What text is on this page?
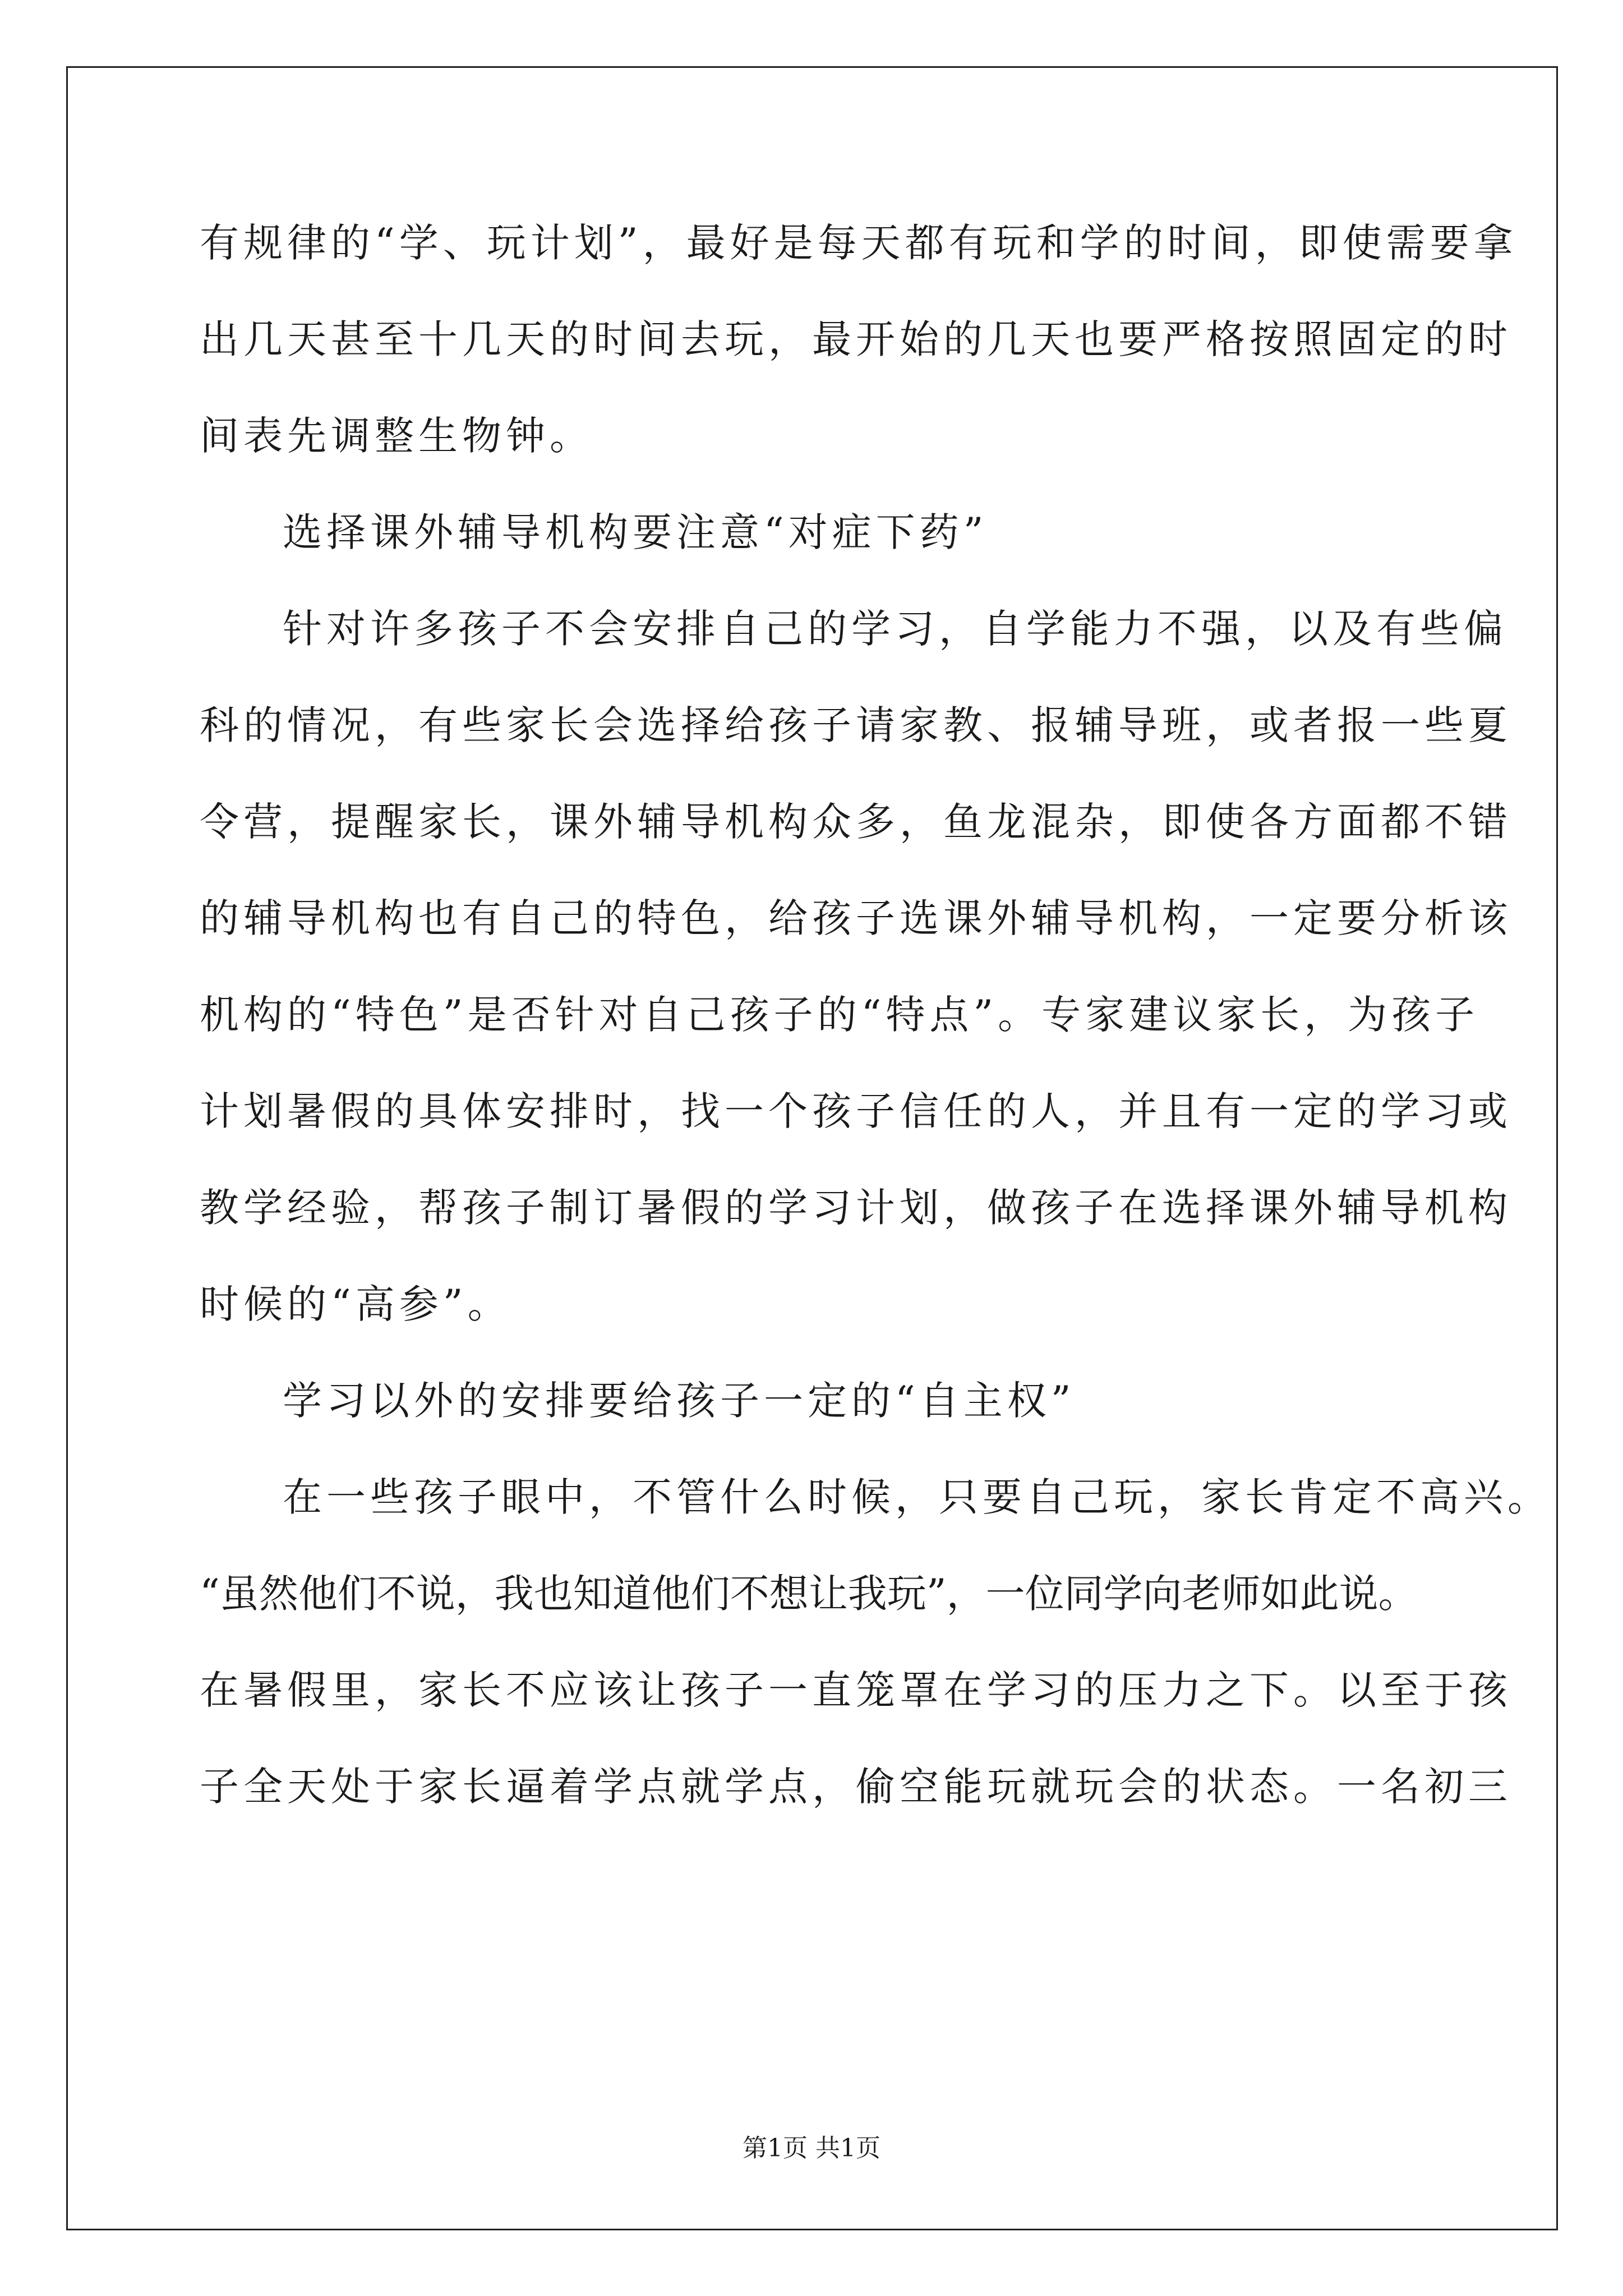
有规律的“学、玩计划”，最好是每天都有玩和学的时间，即使需要拿
出几天甚至十几天的时间去玩，最开始的几天也要严格按照固定的时
间表先调整生物钟。
选择课外辅导机构要注意“对症下药”
针对许多孩子不会安排自己的学习，自学能力不强，以及有些偏
科的情况，有些家长会选择给孩子请家教、报辅导班，或者报一些夏
令营，提醒家长，课外辅导机构众多，鱼龙混杂，即使各方面都不错
的辅导机构也有自己的特色，给孩子选课外辅导机构，一定要分析该
机构的“特色”是否针对自己孩子的“特点”。专家建议家长，为孩子
计划暑假的具体安排时，找一个孩子信任的人，并且有一定的学习或
教学经验，帮孩子制订暑假的学习计划，做孩子在选择课外辅导机构
时候的“高参”。
学习以外的安排要给孩子一定的“自主权”
在一些孩子眼中，不管什么时候，只要自己玩，家长肯定不高兴。
“虽然他们不说，我也知道他们不想让我玩”，一位同学向老师如此说。
在暑假里，家长不应该让孩子一直笼罩在学习的压力之下。以至于孩
子全天处于家长逼着学点就学点，偷空能玩就玩会的状态。一名初三
第1页 共1页
